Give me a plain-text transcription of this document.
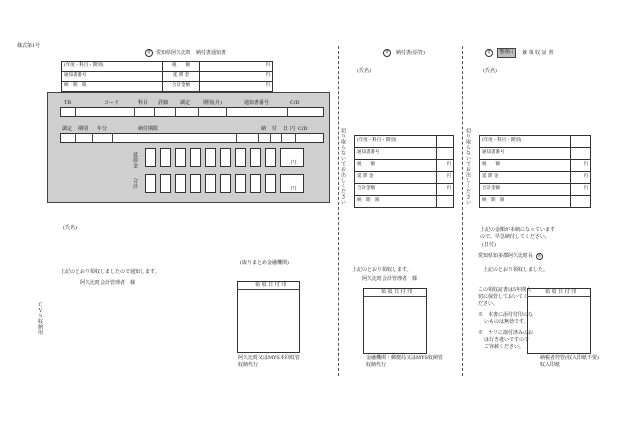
様式第1号
愛	愛知県阿久比町　納付書通知書
(年度・科目・期別)	税　　額	円
通知書番号	延 滞 金	円
納　期　限	合計金額	円
TR	コード	科目 詳細 調定	期別(月)	通知書番号	C/D
調定 期別 年分	納付期限	納 付 日 円 C/D
延滞金	円
合計	円
(氏名)
(取りまとめ金融機関)
上記のとおり領収しましたので通知します。
阿久比町会計管理者　様	領 収 日 付 印
阿久比町又はMYS本回収管
収納代行
ＣＶＳ収納用
愛	納付書(原符)
(氏名)
切り取らないでお出しください (年度・科目・期別)	
通知書番号	
税　　額	円
延 滞 金	円
合計金額	円
納　期　限	
上記のとおり領収します。
阿久比町会計管理者　様
領 収 日 付 印
金融機関・郵便局又はMYS収納管
収納代行
愛	整理日	兼 領 収 証 書
(氏名)
切り取らないでお出しください (年度・科目・期別)	
通知書番号	
税　　額	円
延 滞 金	円
合計金額	円
納　期　限	
上記の金額が未納になっています
ので、早急納付してください。
(日付)
愛知県知多郡阿久比町長	印
上記のとおり領収しました。
この領収証書は5年間大
切に保管しておいてく
ださい。
※　本書に添付付印のな
いものは無効です。
※　ナリに演付済みのお
は行き違いですので
ご容赦ください。
領 収 日 付 印
納税者控管(収入印紙不要)
収入印紙
